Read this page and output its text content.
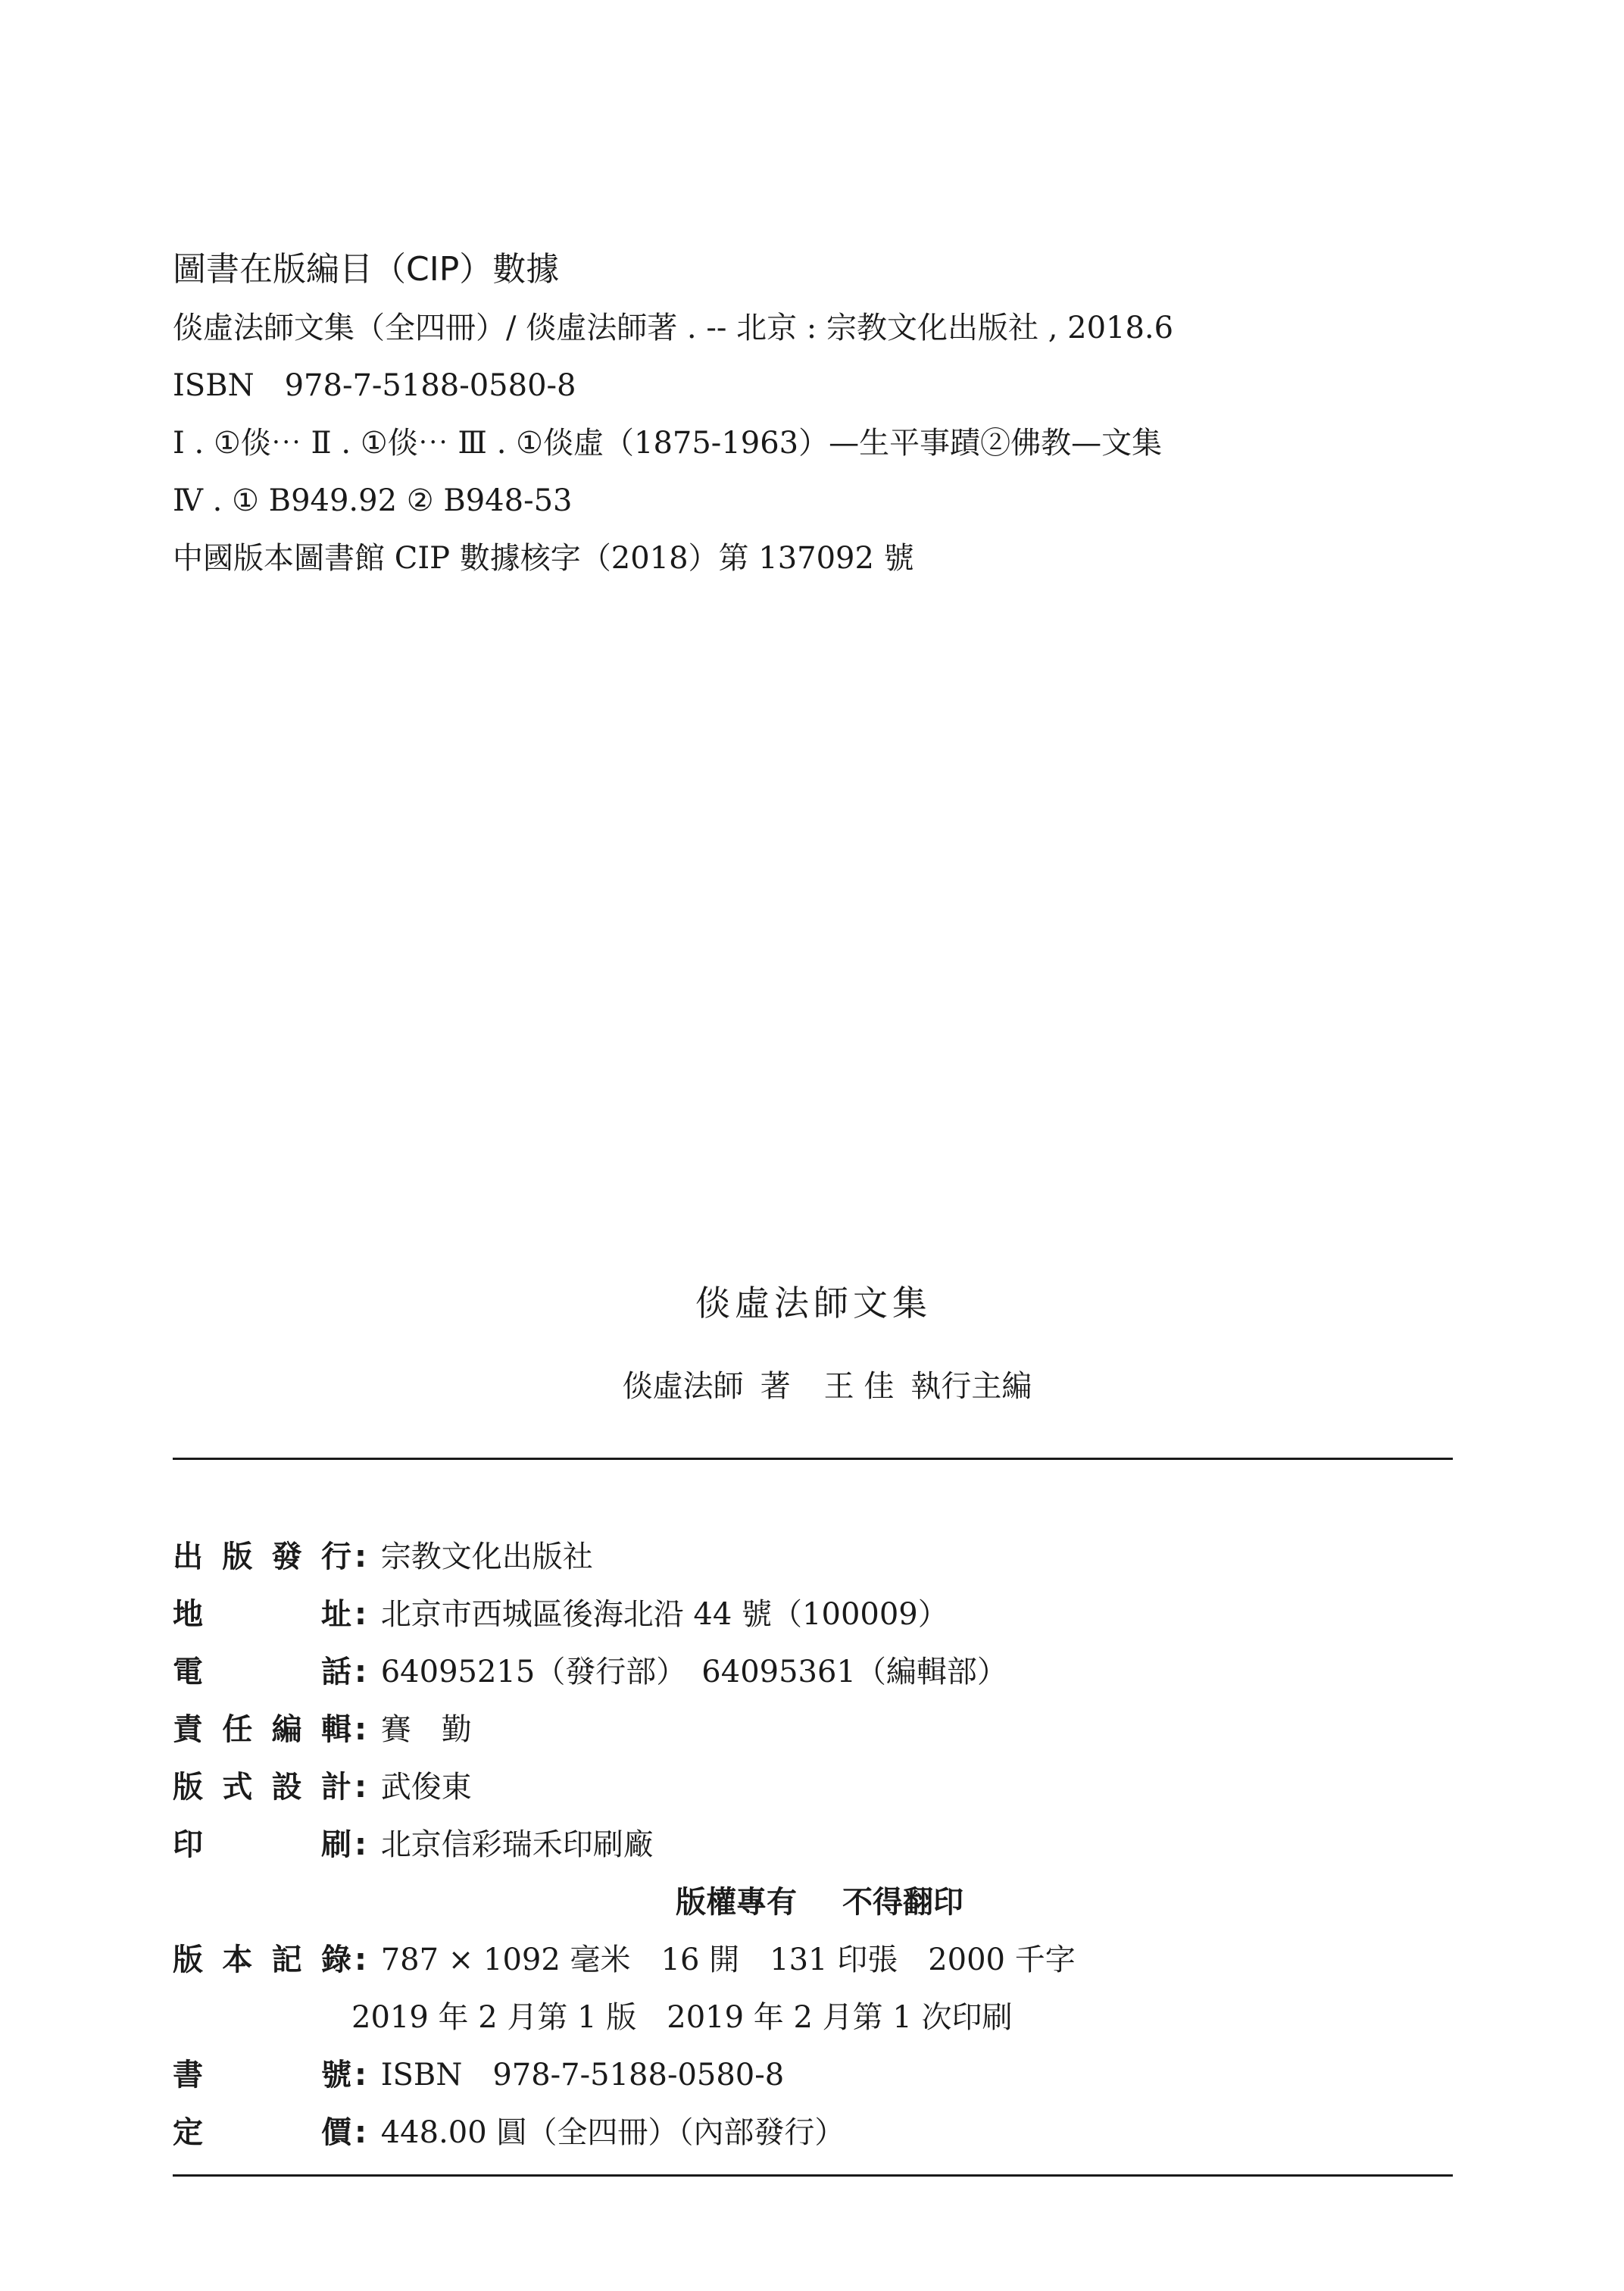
圖書在版編目（CIP）數據
倓虛法師文集（全四冊）/ 倓虛法師著 . -- 北京 : 宗教文化出版社 , 2018.6
ISBN　978-7-5188-0580-8
Ⅰ . ①倓⋯ Ⅱ . ①倓⋯ Ⅲ . ①倓虛（1875-1963）—生平事蹟②佛教—文集
Ⅳ . ① B949.92 ② B948-53
中國版本圖書館 CIP 數據核字（2018）第 137092 號
倓虛法師文集
倓虛法師 著 王 佳 執行主編
出版發行 : 宗教文化出版社
地址 : 北京市西城區後海北沿 44 號（100009）
電話 : 64095215（發行部）　64095361（編輯部）
責任編輯 : 賽　勤
版式設計 : 武俊東
印刷 : 北京信彩瑞禾印刷廠
版權專有 不得翻印
版本記錄 : 787 × 1092 毫米　16 開　131 印張　2000 千字
2019 年 2 月第 1 版　2019 年 2 月第 1 次印刷
書號 : ISBN　978-7-5188-0580-8
定價 : 448.00 圓（全四冊）（內部發行）
